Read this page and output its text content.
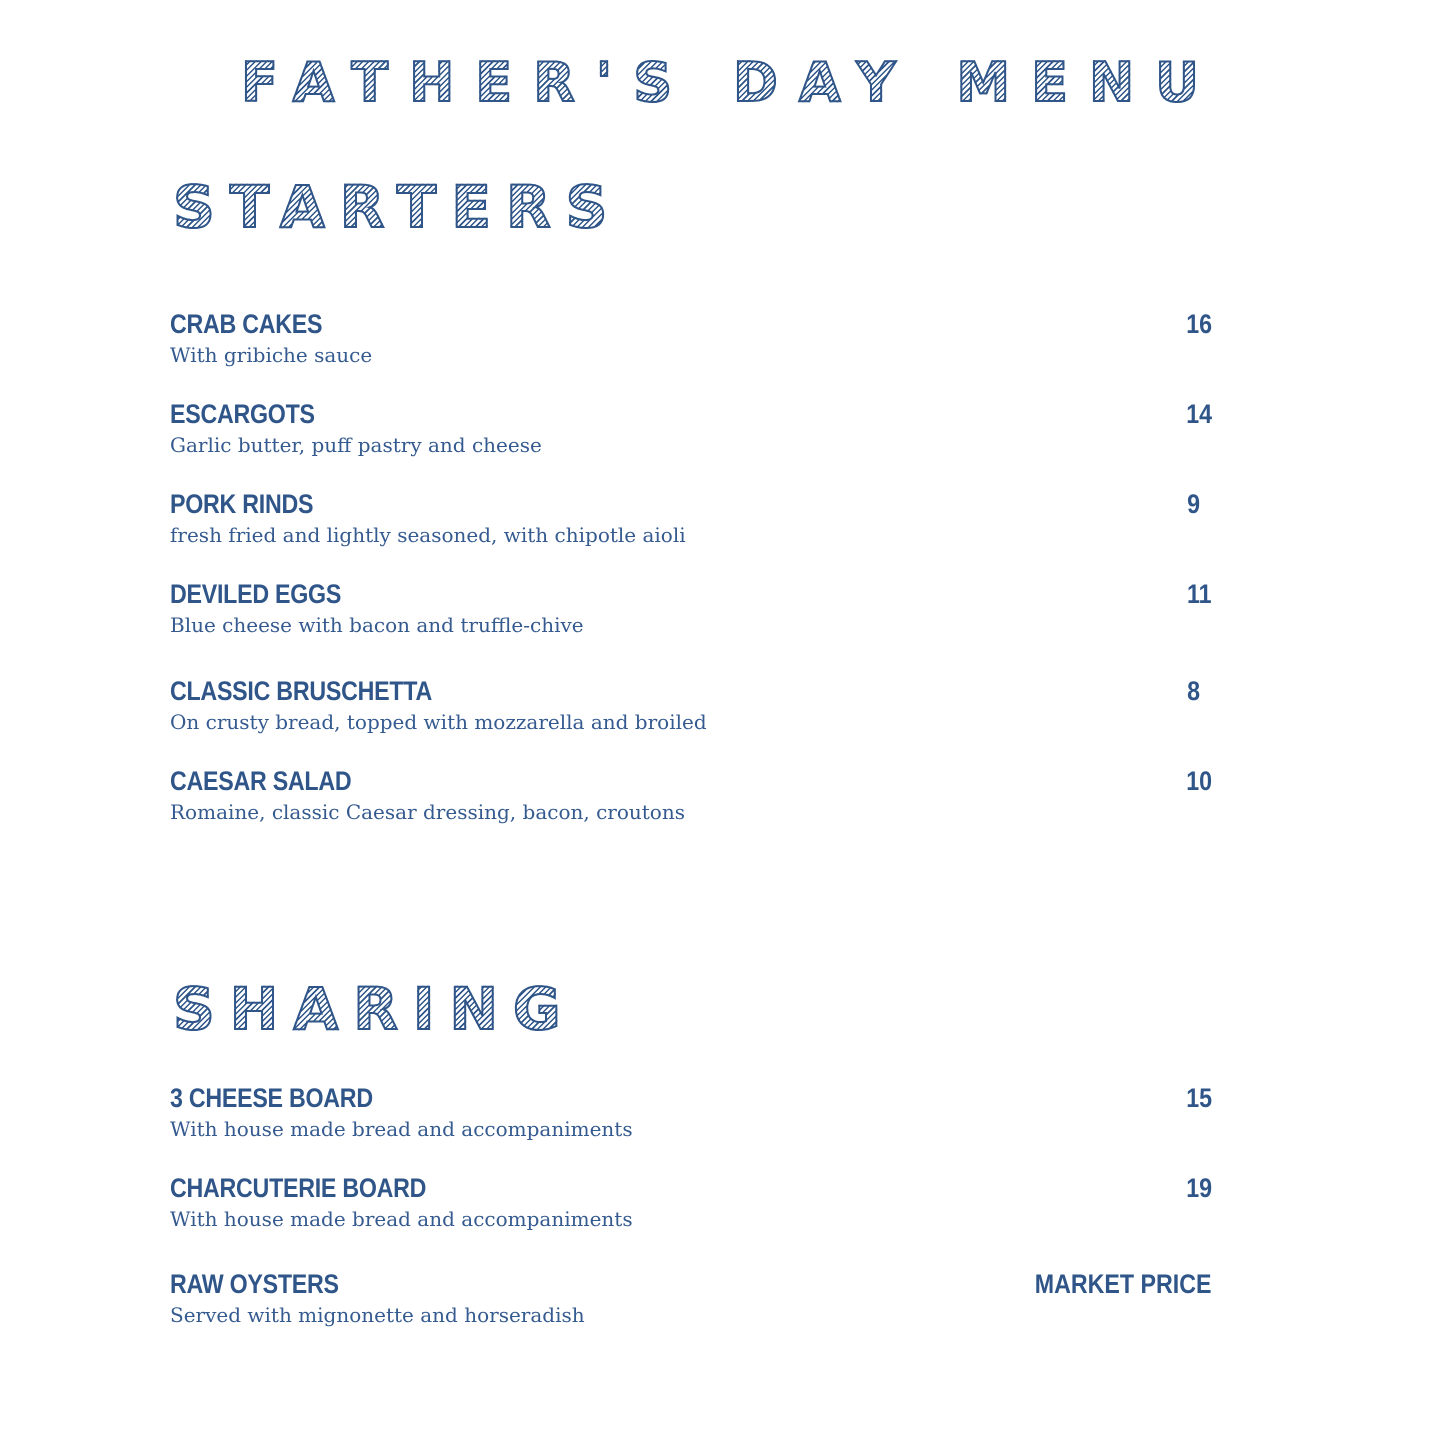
FATHER'S DAY MENU
STARTERS
CRAB CAKES
With gribiche sauce
16
ESCARGOTS
Garlic butter, puff pastry and cheese
14
PORK RINDS
fresh fried and lightly seasoned, with chipotle aioli
9
DEVILED EGGS
Blue cheese with bacon and truffle-chive
11
CLASSIC BRUSCHETTA
On crusty bread, topped with mozzarella and broiled
8
CAESAR SALAD
Romaine, classic Caesar dressing, bacon, croutons
10
SHARING
3 CHEESE BOARD
With house made bread and accompaniments
15
CHARCUTERIE BOARD
With house made bread and accompaniments
19
RAW OYSTERS
Served with mignonette and horseradish
MARKET PRICE
